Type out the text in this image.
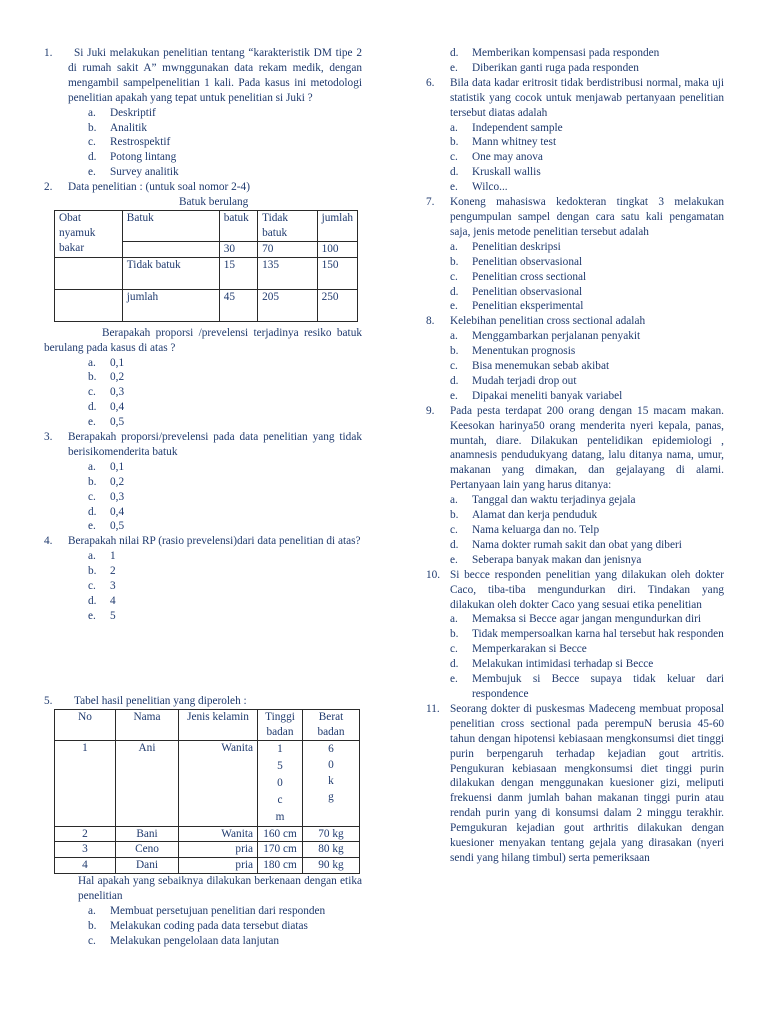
1.	Si Juki melakukan penelitian tentang “karakteristik DM tipe 2 di rumah sakit A” mwnggunakan data rekam medik, dengan mengambil sampelpenelitian 1 kali. Pada kasus ini metodologi penelitian apakah yang tepat untuk penelitian si Juki ?
a.	Deskriptif
b.	Analitik
c.	Restrospektif
d.	Potong lintang
e.	Survey analitik
2.	Data penelitian : (untuk soal nomor 2-4)
Batuk berulang
Obat nyamuk bakar	Batuk	batuk	Tidak batuk	jumlah
		30	70	100
	Tidak batuk	15	135	150
	jumlah	45	205	250
Berapakah proporsi /prevelensi terjadinya resiko batuk berulang pada kasus di atas ?
a.	0,1
b.	0,2
c.	0,3
d.	0,4
e.	0,5
3.	Berapakah proporsi/prevelensi pada data penelitian yang tidak berisikomenderita batuk
a.	0,1
b.	0,2
c.	0,3
d.	0,4
e.	0,5
4.	Berapakah nilai RP (rasio prevelensi)dari data penelitian di atas?
a.	1
b.	2
c.	3
d.	4
e.	5
5.	Tabel hasil penelitian yang diperoleh :
No	Nama	Jenis kelamin	Tinggi badan	Berat badan
1	Ani	Wanita	15 0 cm	6 0 k g

2	Bani	Wanita	160 cm	70 kg
3	Ceno	pria	170 cm	80 kg
4	Dani	pria	180 cm	90 kg
Hal apakah yang sebaiknya dilakukan berkenaan dengan etika penelitian
a.	Membuat persetujuan penelitian dari responden
b.	Melakukan coding pada data tersebut diatas
c.	Melakukan pengelolaan data lanjutan
d.	Memberikan kompensasi pada responden
e.	Diberikan ganti ruga pada responden
6.	Bila data kadar eritrosit tidak berdistribusi normal, maka uji statistik yang cocok untuk menjawab pertanyaan penelitian tersebut diatas adalah
a.	Independent sample
b.	Mann whitney test
c.	One may anova
d.	Kruskall wallis
e.	Wilco...
7.	Koneng mahasiswa kedokteran tingkat 3 melakukan pengumpulan sampel dengan cara satu kali pengamatan saja, jenis metode penelitian tersebut adalah
a.	Penelitian deskripsi
b.	Penelitian observasional
c.	Penelitian cross sectional
d.	Penelitian observasional
e.	Penelitian eksperimental
8.	Kelebihan penelitian cross sectional adalah
a.	Menggambarkan perjalanan penyakit
b.	Menentukan prognosis
c.	Bisa menemukan sebab akibat
d.	Mudah terjadi drop out
e.	Dipakai meneliti banyak variabel
9.	Pada pesta terdapat 200 orang dengan 15 macam makan. Keesokan harinya50 orang menderita nyeri kepala, panas, muntah, diare. Dilakukan pentelidikan epidemiologi , anamnesis pendudukyang datang, lalu ditanya nama, umur, makanan yang dimakan, dan gejalayang di alami. Pertanyaan lain yang harus ditanya:
a.	Tanggal dan waktu terjadinya gejala
b.	Alamat dan kerja penduduk
c.	Nama keluarga dan no. Telp
d.	Nama dokter rumah sakit dan obat yang diberi
e.	Seberapa banyak makan dan jenisnya
10. Si becce responden penelitian yang dilakukan oleh dokter Caco, tiba-tiba mengundurkan diri. Tindakan yang dilakukan oleh dokter Caco yang sesuai etika penelitian
a.	Memaksa si Becce agar jangan mengundurkan diri
b.	Tidak mempersoalkan karna hal tersebut hak responden
c.	Memperkarakan si Becce
d.	Melakukan intimidasi terhadap si Becce
e.	Membujuk si Becce supaya tidak keluar dari respondence
11. Seorang dokter di puskesmas Madeceng membuat proposal penelitian cross sectional pada perempuN berusia 45-60 tahun dengan hipotensi kebiasaan mengkonsumsi diet tinggi purin berpengaruh terhadap kejadian gout artritis. Pengukuran kebiasaan mengkonsumsi diet tinggi purin dilakukan dengan menggunakan kuesioner gizi, meliputi frekuensi danm jumlah bahan makanan tinggi purin atau rendah purin yang di konsumsi dalam 2 minggu terakhir. Pemgukuran kejadian gout arthritis dilakukan dengan kuesioner menyakan tentang gejala yang dirasakan (nyeri sendi yang hilang timbul) serta pemeriksaan
